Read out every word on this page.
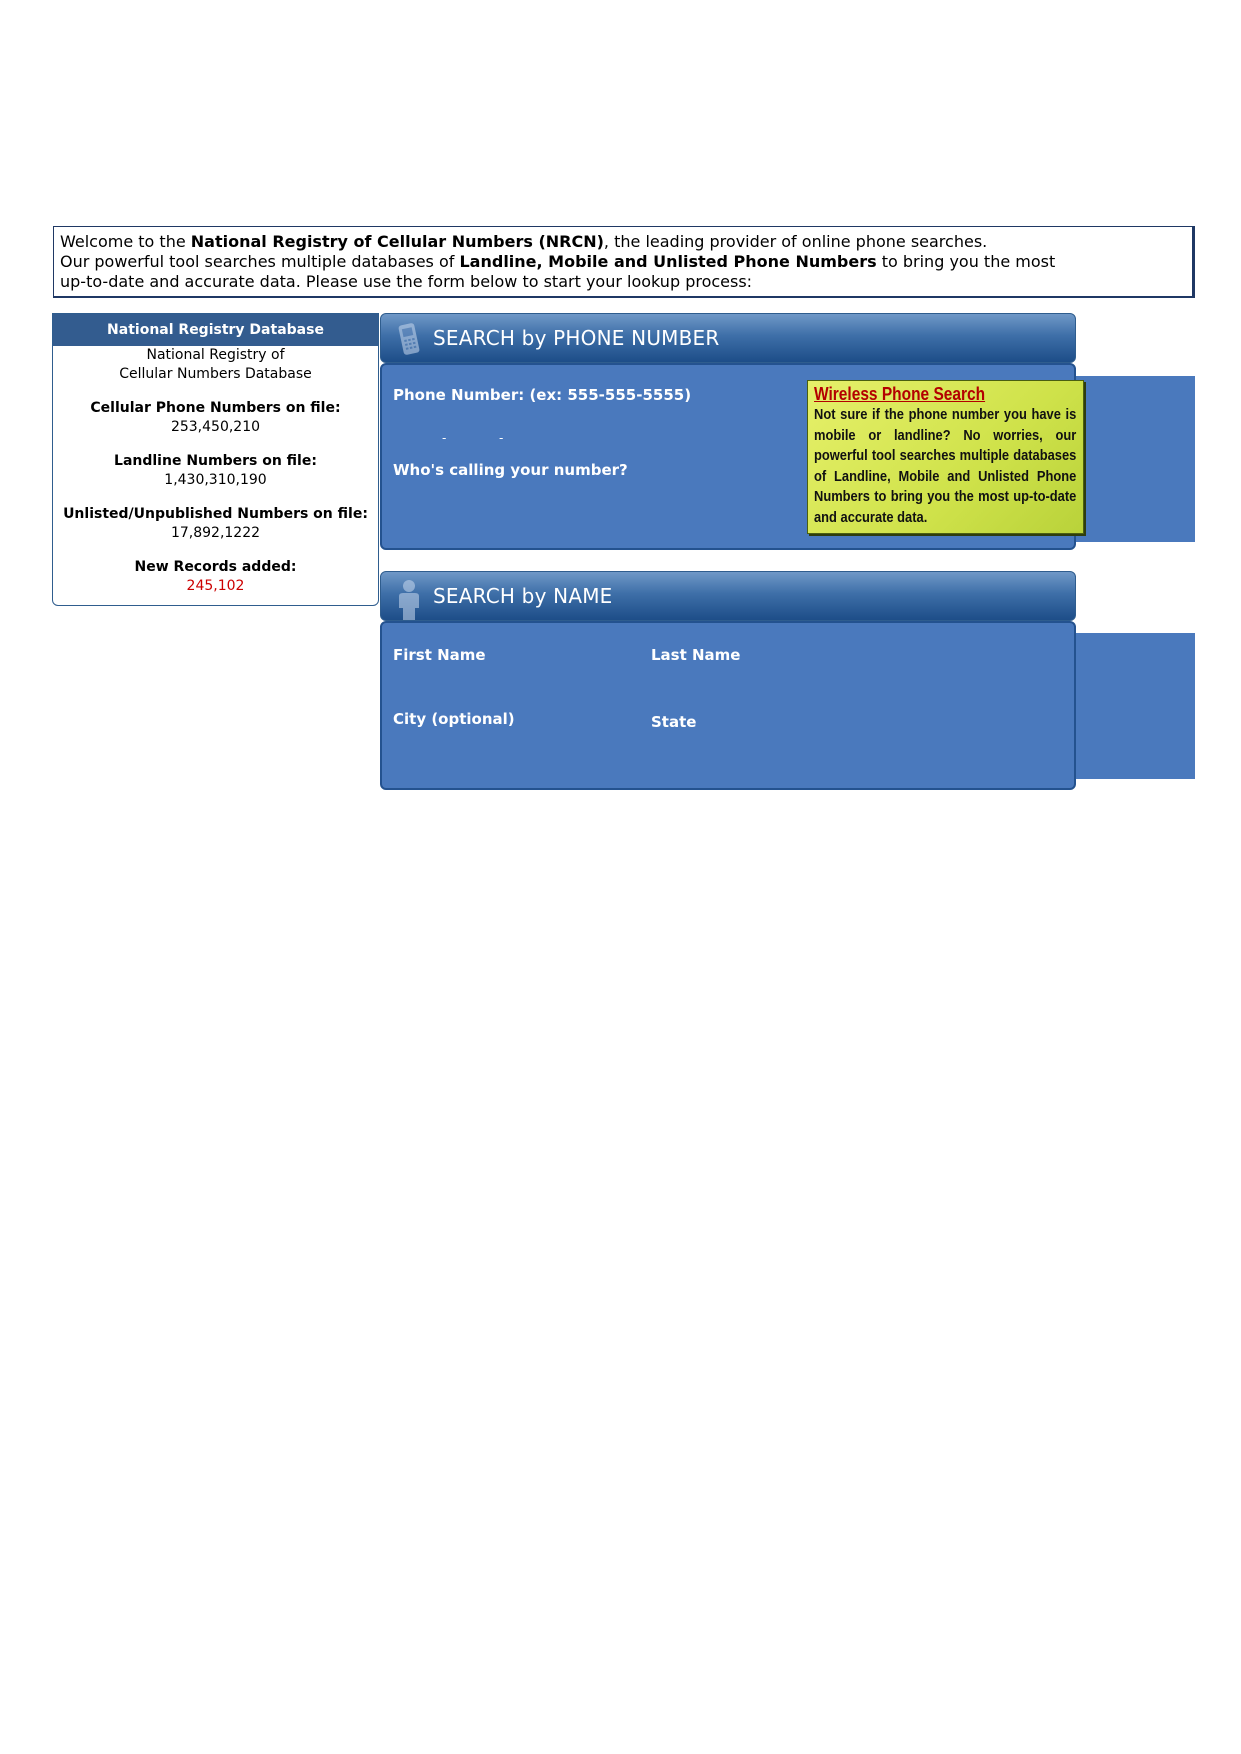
Welcome to the National Registry of Cellular Numbers (NRCN), the leading provider of online phone searches.

Our powerful tool searches multiple databases of Landline, Mobile and Unlisted Phone Numbers to bring you the most

up-to-date and accurate data. Please use the form below to start your lookup process:

National Registry Database
National Registry of
Cellular Numbers Database
Cellular Phone Numbers on file:
253,450,210
Landline Numbers on file:
1,430,310,190
Unlisted/Unpublished Numbers on file:
17,892,1222
New Records added:
245,102
SEARCH by PHONE NUMBER
Phone Number: (ex: 555-555-5555)
-	-
Who's calling your number?
Wireless Phone Search
Not sure if the phone number you have is mobile or landline? No worries, our powerful tool searches multiple databases of Landline, Mobile and Unlisted Phone Numbers to bring you the most up-to-date and accurate data.
SEARCH by NAME
First Name	Last Name
City (optional)	State
